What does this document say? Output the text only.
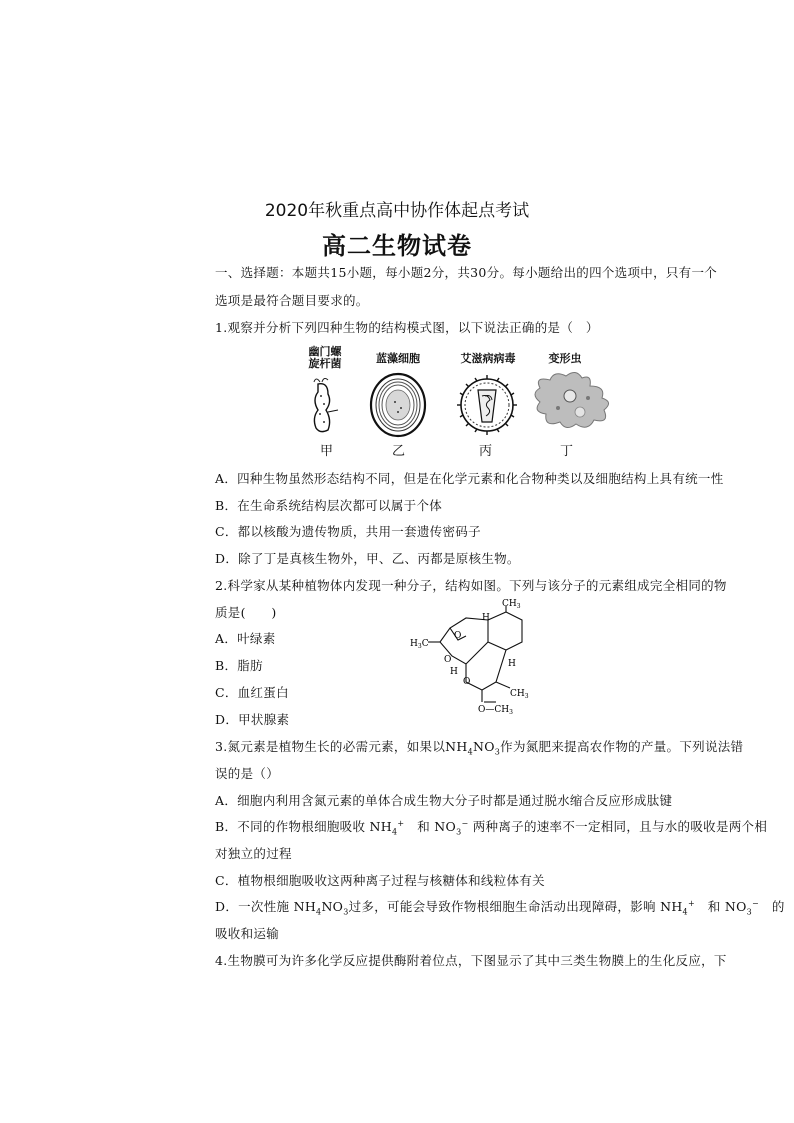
2020年秋重点高中协作体起点考试
高二生物试卷
一、选择题：本题共15小题，每小题2分，共30分。每小题给出的四个选项中，只有一个
选项是最符合题目要求的。
1.观察并分析下列四种生物的结构模式图，以下说法正确的是（　）
幽门螺
旋杆菌	蓝藻细胞	艾滋病病毒	变形虫
甲	乙	丙	丁
A．四种生物虽然形态结构不同，但是在化学元素和化合物种类以及细胞结构上具有统一性
B．在生命系统结构层次都可以属于个体
C．都以核酸为遗传物质，共用一套遗传密码子
D．除了丁是真核生物外，甲、乙、丙都是原核生物。
2.科学家从某种植物体内发现一种分子，结构如图。下列与该分子的元素组成完全相同的物
质是(　　)
A．叶绿素
B．脂肪
C．血红蛋白
D．甲状腺素
$CH_3$
$H_3C$
H
H
H
$CH_3$
$O—CH_3$
O
O
O
3.氮元素是植物生长的必需元素，如果以$NH_4NO_3$作为氮肥来提高农作物的产量。下列说法错
误的是（）
A．细胞内利用含氮元素的单体合成生物大分子时都是通过脱水缩合反应形成肽键
B．不同的作物根细胞吸收 $NH_4^+$　和 $NO_3^-$ 两种离子的速率不一定相同，且与水的吸收是两个相
对独立的过程
C．植物根细胞吸收这两种离子过程与核糖体和线粒体有关
D．一次性施 $NH_4NO_3$过多，可能会导致作物根细胞生命活动出现障碍，影响 $NH_4^+$　和 $NO_3^-$　的
吸收和运输
4.生物膜可为许多化学反应提供酶附着位点，下图显示了其中三类生物膜上的生化反应，下
